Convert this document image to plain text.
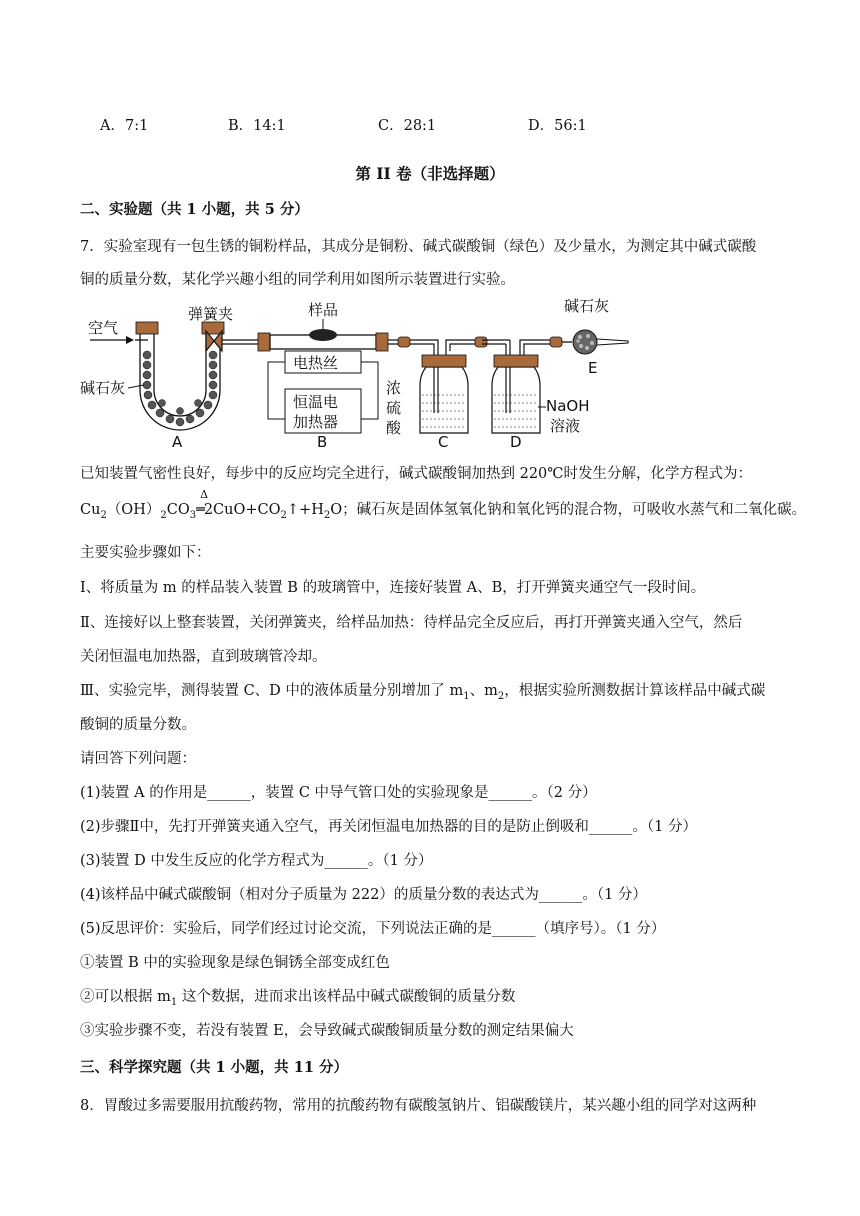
A．7:1	B．14:1	C．28:1	D．56:1
第 II 卷（非选择题）
二、实验题（共 1 小题，共 5 分）
7．实验室现有一包生锈的铜粉样品，其成分是铜粉、碱式碳酸铜（绿色）及少量水，为测定其中碱式碳酸
铜的质量分数，某化学兴趣小组的同学利用如图所示装置进行实验。
空气
碱石灰
A
弹簧夹	样品
电热丝
恒温电
加热器
B
浓
硫
酸
C
NaOH
溶液
D
碱石灰
E
已知装置气密性良好，每步中的反应均完全进行，碱式碳酸铜加热到 220℃时发生分解，化学方程式为：
$Cu_2(OH)_2CO_3$
Δ
$═2CuO+CO_2↑+H_2O$；碱石灰是固体氢氧化钠和氧化钙的混合物，可吸收水蒸气和二氧化碳。
主要实验步骤如下：
Ⅰ、将质量为 m 的样品装入装置 B 的玻璃管中，连接好装置 A、B，打开弹簧夹通空气一段时间。
Ⅱ、连接好以上整套装置，关闭弹簧夹，给样品加热：待样品完全反应后，再打开弹簧夹通入空气，然后
关闭恒温电加热器，直到玻璃管冷却。
Ⅲ、实验完毕，测得装置 C、D 中的液体质量分别增加了 $m_1$、$m_2$，根据实验所测数据计算该样品中碱式碳
酸铜的质量分数。
请回答下列问题：
(1)装置 A 的作用是______，装置 C 中导气管口处的实验现象是______。（2 分）
(2)步骤Ⅱ中，先打开弹簧夹通入空气，再关闭恒温电加热器的目的是防止倒吸和______。（1 分）
(3)装置 D 中发生反应的化学方程式为______。（1 分）
(4)该样品中碱式碳酸铜（相对分子质量为 222）的质量分数的表达式为______。（1 分）
(5)反思评价：实验后，同学们经过讨论交流，下列说法正确的是______（填序号）。（1 分）
①装置 B 中的实验现象是绿色铜锈全部变成红色
②可以根据 $m_1$ 这个数据，进而求出该样品中碱式碳酸铜的质量分数
③实验步骤不变，若没有装置 E，会导致碱式碳酸铜质量分数的测定结果偏大
三、科学探究题（共 1 小题，共 11 分）
8．胃酸过多需要服用抗酸药物，常用的抗酸药物有碳酸氢钠片、铝碳酸镁片，某兴趣小组的同学对这两种
